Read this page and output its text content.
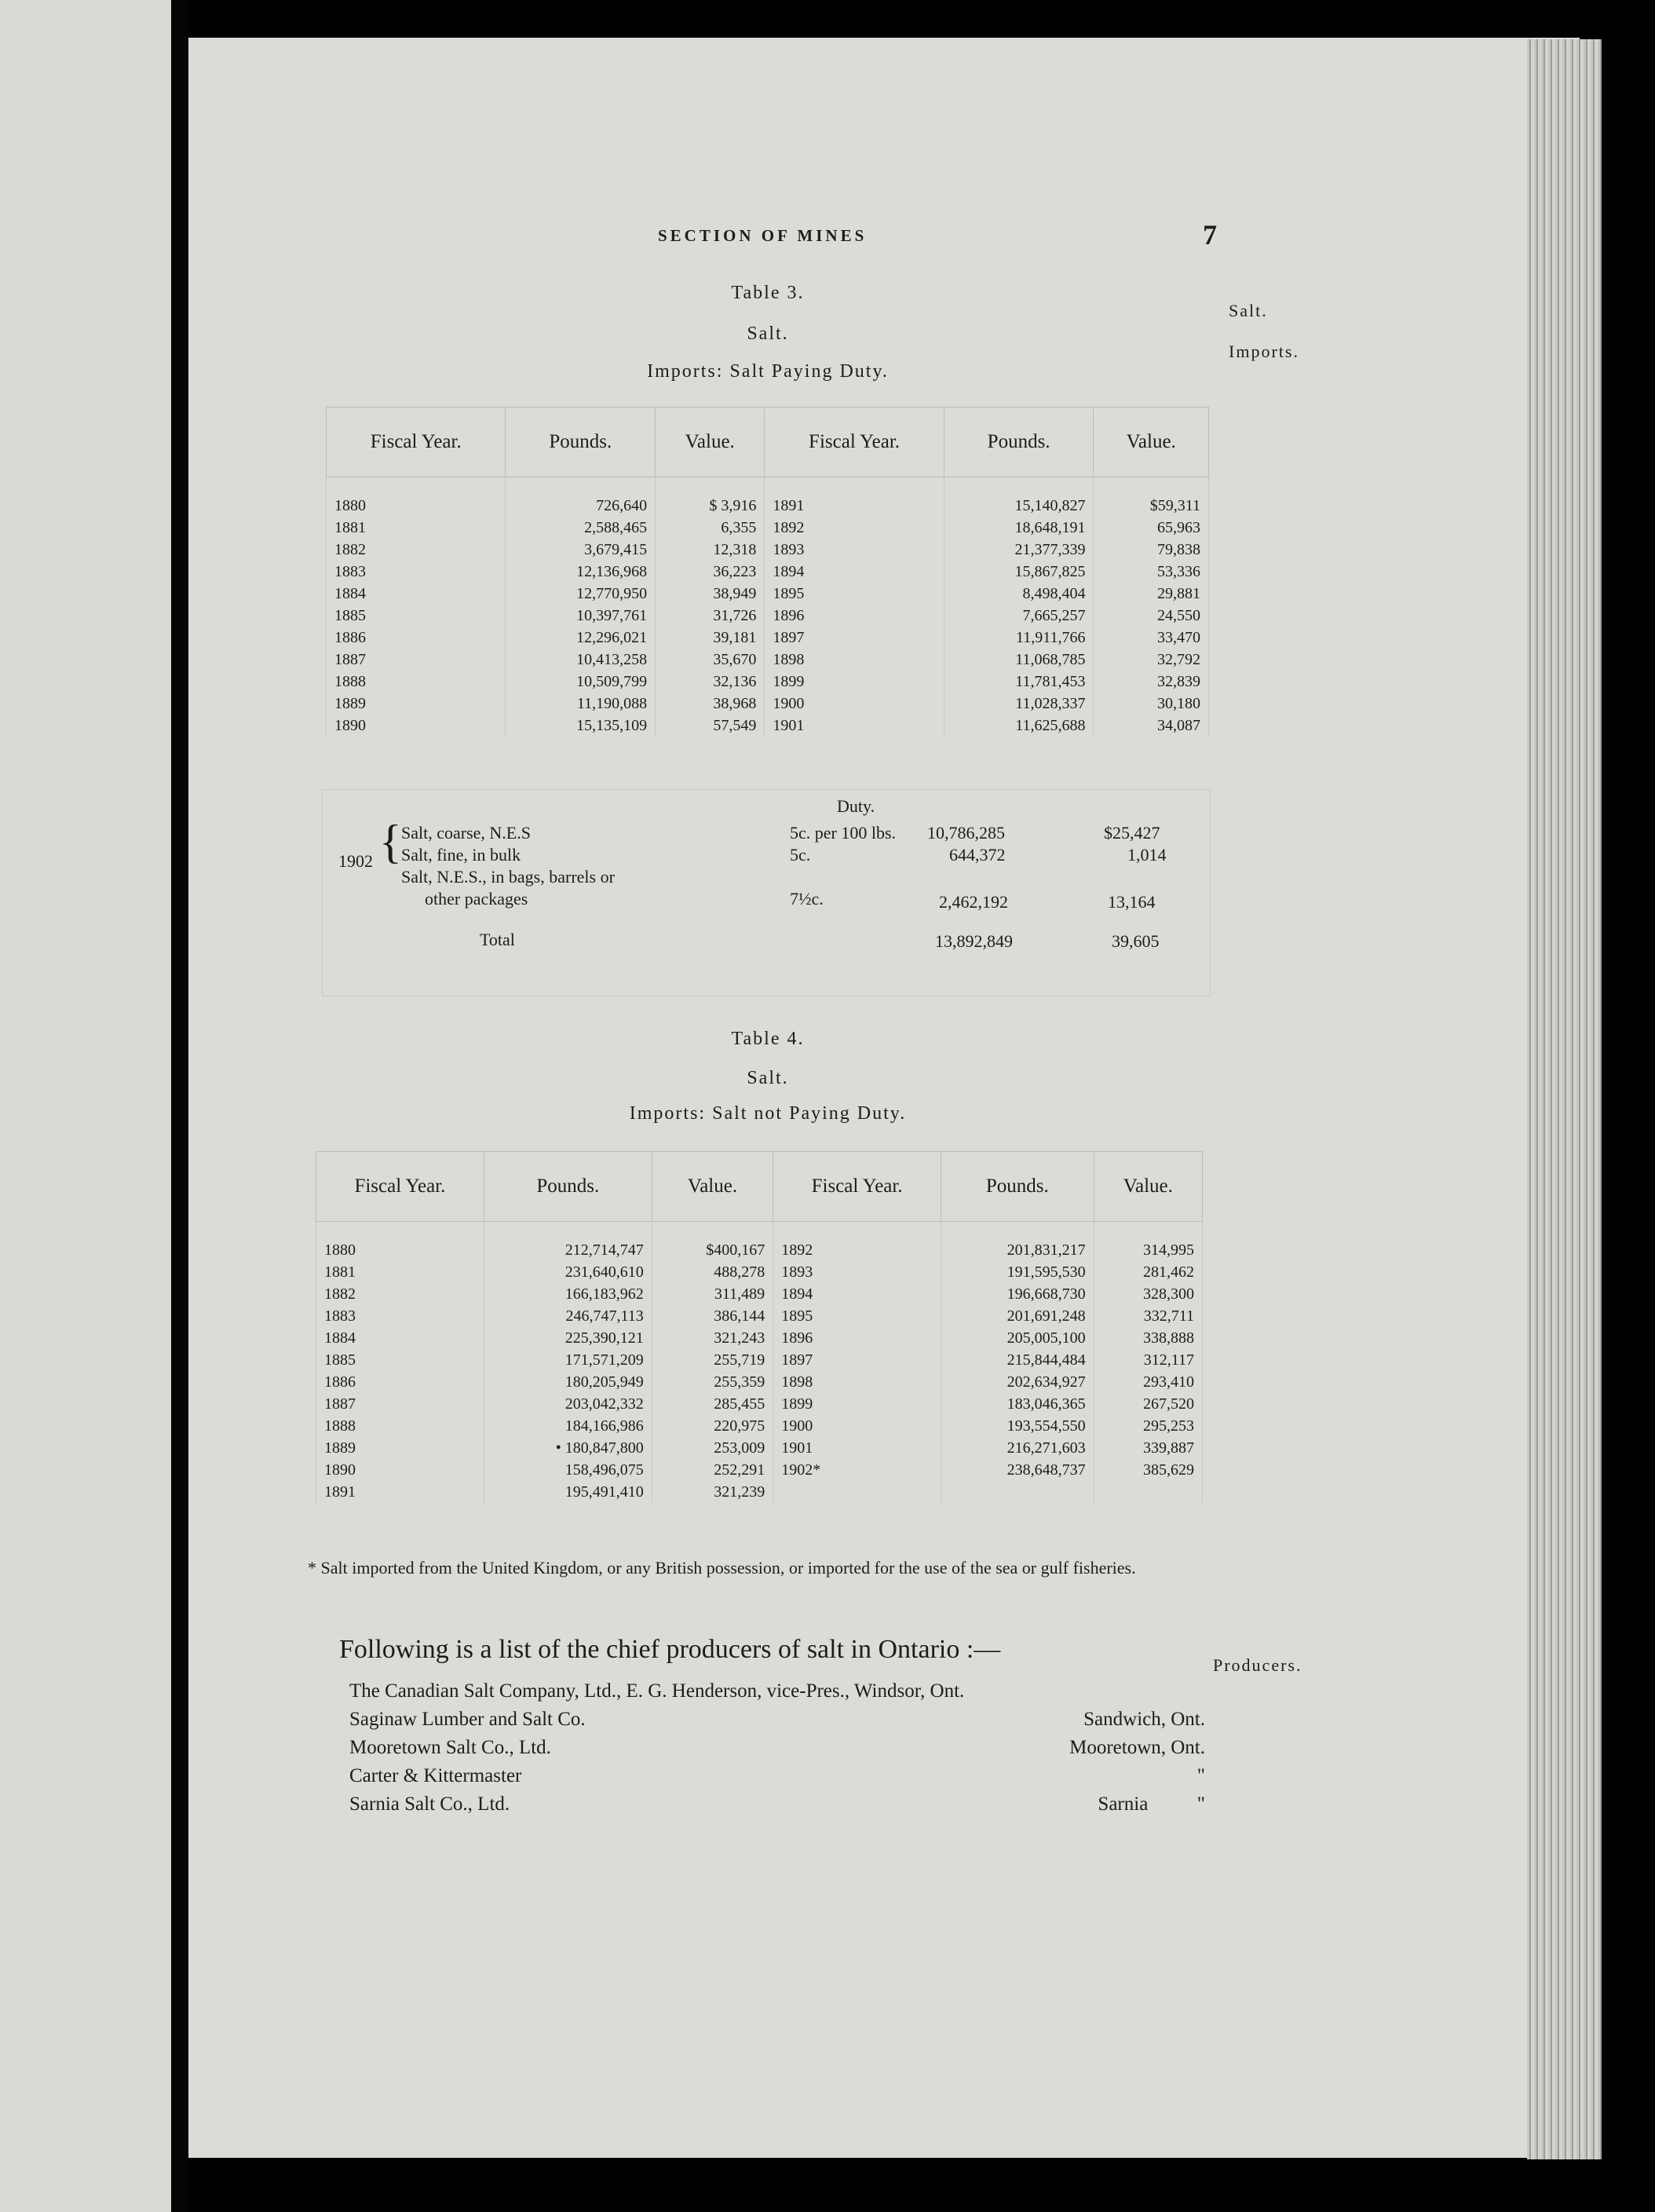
SECTION OF MINES	7
Salt.
Imports.
Producers.
Table 3.
Salt.
Imports: Salt Paying Duty.
Fiscal Year.	Pounds.	Value.	Fiscal Year.	Pounds.	Value.
1880	726,640	$ 3,916	1891	15,140,827	$59,311
1881	2,588,465	6,355	1892	18,648,191	65,963
1882	3,679,415	12,318	1893	21,377,339	79,838
1883	12,136,968	36,223	1894	15,867,825	53,336
1884	12,770,950	38,949	1895	8,498,404	29,881
1885	10,397,761	31,726	1896	7,665,257	24,550
1886	12,296,021	39,181	1897	11,911,766	33,470
1887	10,413,258	35,670	1898	11,068,785	32,792
1888	10,509,799	32,136	1899	11,781,453	32,839
1889	11,190,088	38,968	1900	11,028,337	30,180
1890	15,135,109	57,549	1901	11,625,688	34,087
Duty.
1902 { Salt, coarse, N.E.S	5c. per 100 lbs. 10,786,285	$25,427
Salt, fine, in bulk	5c.	644,372	1,014
Salt, N.E.S., in bags, barrels or
other packages	7½c.	2,462,192	13,164
Total	13,892,849	39,605
Table 4.
Salt.
Imports: Salt not Paying Duty.
Fiscal Year.	Pounds.	Value.	Fiscal Year.	Pounds.	Value.
1880	212,714,747	$400,167	1892	201,831,217	314,995
1881	231,640,610	488,278	1893	191,595,530	281,462
1882	166,183,962	311,489	1894	196,668,730	328,300
1883	246,747,113	386,144	1895	201,691,248	332,711
1884	225,390,121	321,243	1896	205,005,100	338,888
1885	171,571,209	255,719	1897	215,844,484	312,117
1886	180,205,949	255,359	1898	202,634,927	293,410
1887	203,042,332	285,455	1899	183,046,365	267,520
1888	184,166,986	220,975	1900	193,554,550	295,253
1889	• 180,847,800	253,009	1901	216,271,603	339,887
1890	158,496,075	252,291	1902*	238,648,737	385,629
1891	195,491,410	321,239			
* Salt imported from the United Kingdom, or any British possession, or imported for the use of the sea or gulf fisheries.
Following is a list of the chief producers of salt in Ontario :—
The Canadian Salt Company, Ltd., E. G. Henderson, vice-Pres., Windsor, Ont.
Saginaw Lumber and Salt Co.	Sandwich, Ont.
Mooretown Salt Co., Ltd.	Mooretown, Ont.
Carter & Kittermaster	"
Sarnia Salt Co., Ltd.	Sarnia          "
